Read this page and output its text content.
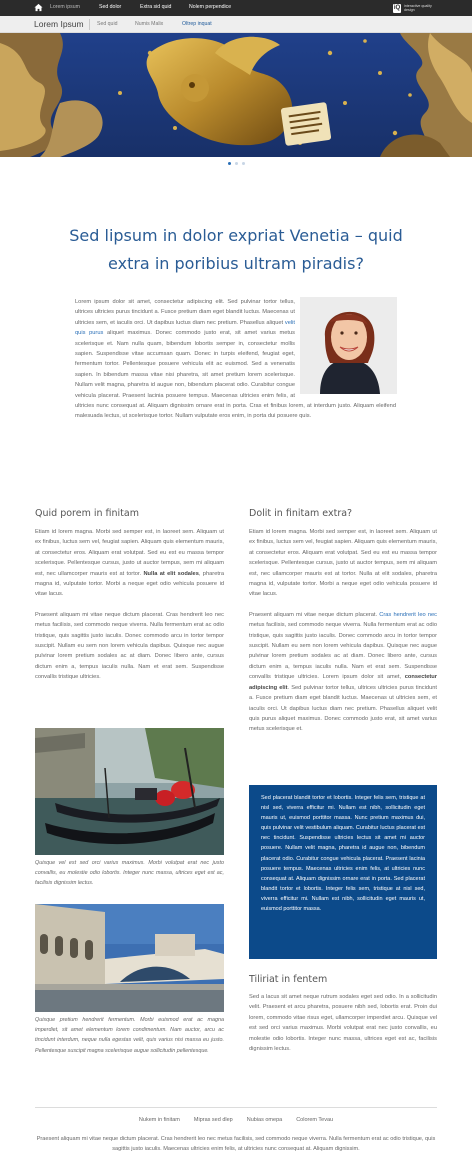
Lorem ipsum	Sed dolor	Extra sid quid	Nolem perpendice	iQ interactive quality design
Lorem Ipsum	Sed quid	Numis Malix	Oltrep inquat
Sed lipsum in dolor expriat Venetia – quid
extra in poribius ultram piradis?
Lorem ipsum dolor sit amet, consectetur adipiscing elit. Sed pulvinar tortor tellus, ultrices ultricies purus tincidunt a. Fusce pretium diam eget blandit luctus. Maecenas ut ultricies sem, et iaculis orci. Ut dapibus luctus diam nec pretium. Phasellus aliquet velit quis purus aliquet maximus. Donec commodo justo erat, sit amet varius metus scelerisque et. Nam nulla quam, bibendum lobortis semper in, consectetur mollis sapien. Suspendisse vitae accumsan quam. Donec in turpis eleifend, feugiat eget, fermentum tortor. Pellentesque posuere vehicula elit ac euismod. Sed a venenatis sapien. In bibendum massa vitae nisi pharetra, sit amet pretium lorem scelerisque. Nullam velit magna, pharetra id augue non, bibendum placerat odio. Curabitur congue vehicula placerat. Praesent lacinia posuere tempus. Maecenas ultricies enim felis, at ultricies nunc consequat at. Aliquam dignissim ornare erat in porta. Cras et finibus lorem, at interdum justo. Aliquam eleifend malesuada lectus, ut scelerisque tortor. Nullam vulputate eros enim, in porta dui posuere quis.
Quid porem in finitam

Etiam id lorem magna. Morbi sed semper est, in laoreet sem. Aliquam ut ex finibus, luctus sem vel, feugiat sapien. Aliquam quis elementum mauris, at consectetur eros. Aliquam erat volutpat. Sed eu est eu massa tempor scelerisque. Pellentesque cursus, justo ut auctor tempus, sem mi aliquam est, nec ullamcorper mauris est at tortor. Nulla at elit sodales, pharetra magna id, vulputate tortor. Morbi a neque eget odio vehicula posuere id vitae lacus.

Praesent aliquam mi vitae neque dictum placerat. Cras hendrerit leo nec metus facilisis, sed commodo neque viverra. Nulla fermentum erat ac odio tristique, quis sagittis justo iaculis. Donec commodo arcu in tortor tempor suscipit. Nullam eu sem non lorem vehicula dapibus. Quisque nec augue pulvinar lorem pretium sodales ac at diam. Donec libero ante, cursus dictum enim a, tempus iaculis nulla. Nam et erat sem. Suspendisse convallis tristique ultricies.

Quisque vel est sed orci varius maximus. Morbi volutpat erat nec justo convallis, eu molestie odio lobortis. Integer nunc massa, ultrices eget est ac, facilisis dignissim lectus.
Quisque pretium hendrerit fermentum. Morbi euismod erat ac magna imperdiet, sit amet elementum lorem condimentum. Nam auctor, arcu ac tincidunt interdum, neque nulla egestas velit, quis varius nisi massa eu justo. Pellentesque suscipit magna scelerisque augue sollicitudin pellentesque.
Dolit in finitam extra?

Etiam id lorem magna. Morbi sed semper est, in laoreet sem. Aliquam ut ex finibus, luctus sem vel, feugiat sapien. Aliquam quis elementum mauris, at consectetur eros. Aliquam erat volutpat. Sed eu est eu massa tempor scelerisque. Pellentesque cursus, justo ut auctor tempus, sem mi aliquam est, nec ullamcorper mauris est at tortor. Nulla at elit sodales, pharetra magna id, vulputate tortor. Morbi a neque eget odio vehicula posuere id vitae lacus.

Praesent aliquam mi vitae neque dictum placerat. Cras hendrerit leo nec metus facilisis, sed commodo neque viverra. Nulla fermentum erat ac odio tristique, quis sagittis justo iaculis. Donec commodo arcu in tortor tempor suscipit. Nullam eu sem non lorem vehicula dapibus. Quisque nec augue pulvinar lorem pretium sodales ac at diam. Donec libero ante, cursus dictum enim a, tempus iaculis nulla. Nam et erat sem. Suspendisse convallis tristique ultricies. Lorem ipsum dolor sit amet, consectetur adipiscing elit. Sed pulvinar tortor tellus, ultrices ultricies purus tincidunt a. Fusce pretium diam eget blandit luctus. Maecenas ut ultricies sem, et iaculis orci. Ut dapibus luctus diam nec pretium. Phasellus aliquet velit quis purus aliquet maximus. Donec commodo justo erat, sit amet varius metus scelerisque et.

Sed placerat blandit tortor et lobortis. Integer felis sem, tristique at nisl sed, viverra efficitur mi. Nullam est nibh, sollicitudin eget mauris ut, euismod porttitor massa. Nunc pretium maximus dui, quis pulvinar velit vestibulum aliquam. Curabitur luctus placerat est nec tincidunt. Suspendisse ultricies lectus sit amet mi auctor posuere. Nullam velit magna, pharetra id augue non, bibendum placerat odio. Curabitur congue vehicula placerat. Praesent lacinia posuere tempus. Maecenas ultricies enim felis, at ultricies nunc consequat at. Aliquam dignissim ornare erat in porta. Sed placerat blandit tortor et lobortis. Integer felis sem, tristique at nisl sed, viverra efficitur mi. Nullam est nibh, sollicitudin eget mauris ut, euismod porttitor massa.

Tiliriat in fentem
Sed a lacus sit amet neque rutrum sodales eget sed odio. In a sollicitudin velit. Praesent et arcu pharetra, posuere nibh sed, lobortis erat. Proin dui lorem, commodo vitae risus eget, ullamcorper imperdiet arcu. Quisque vel est sed orci varius maximus. Morbi volutpat erat nec justo convallis, eu molestie odio lobortis. Integer nunc massa, ultrices eget est ac, facilisis dignissim lectus.
Nukem in finitam	Mipras sed dlep	Nubias omepa	Colorem Tevau
Praesent aliquam mi vitae neque dictum placerat. Cras hendrerit leo nec metus facilisis, sed commodo neque viverra. Nulla fermentum erat ac odio tristique, quis sagittis justo iaculis. Maecenas ultricies enim felis, at ultricies nunc consequat at. Aliquam dignissim.
